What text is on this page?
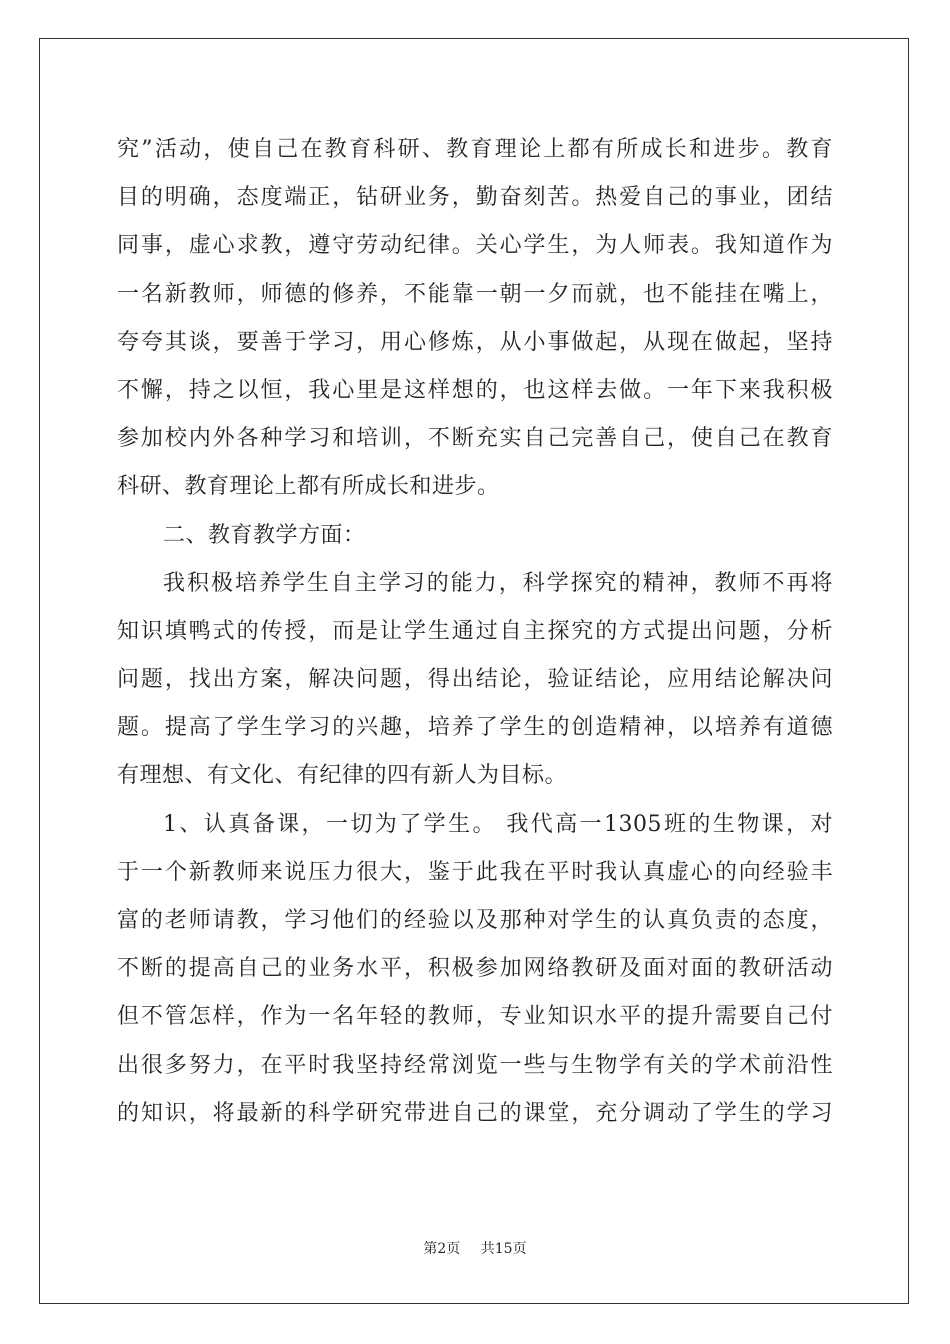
究”活动，使自己在教育科研、教育理论上都有所成长和进步。教育
目的明确，态度端正，钻研业务，勤奋刻苦。热爱自己的事业，团结
同事，虚心求教，遵守劳动纪律。关心学生，为人师表。我知道作为
一名新教师，师德的修养，不能靠一朝一夕而就，也不能挂在嘴上，
夸夸其谈，要善于学习，用心修炼，从小事做起，从现在做起，坚持
不懈，持之以恒，我心里是这样想的，也这样去做。一年下来我积极
参加校内外各种学习和培训，不断充实自己完善自己，使自己在教育
科研、教育理论上都有所成长和进步。
二、教育教学方面：
我积极培养学生自主学习的能力，科学探究的精神，教师不再将
知识填鸭式的传授，而是让学生通过自主探究的方式提出问题，分析
问题，找出方案，解决问题，得出结论，验证结论，应用结论解决问
题。提高了学生学习的兴趣，培养了学生的创造精神，以培养有道德
有理想、有文化、有纪律的四有新人为目标。
1、认真备课，一切为了学生。 我代高一1305班的生物课，对
于一个新教师来说压力很大，鉴于此我在平时我认真虚心的向经验丰
富的老师请教，学习他们的经验以及那种对学生的认真负责的态度，
不断的提高自己的业务水平，积极参加网络教研及面对面的教研活动
但不管怎样，作为一名年轻的教师，专业知识水平的提升需要自己付
出很多努力，在平时我坚持经常浏览一些与生物学有关的学术前沿性
的知识，将最新的科学研究带进自己的课堂，充分调动了学生的学习
第2页 共15页
